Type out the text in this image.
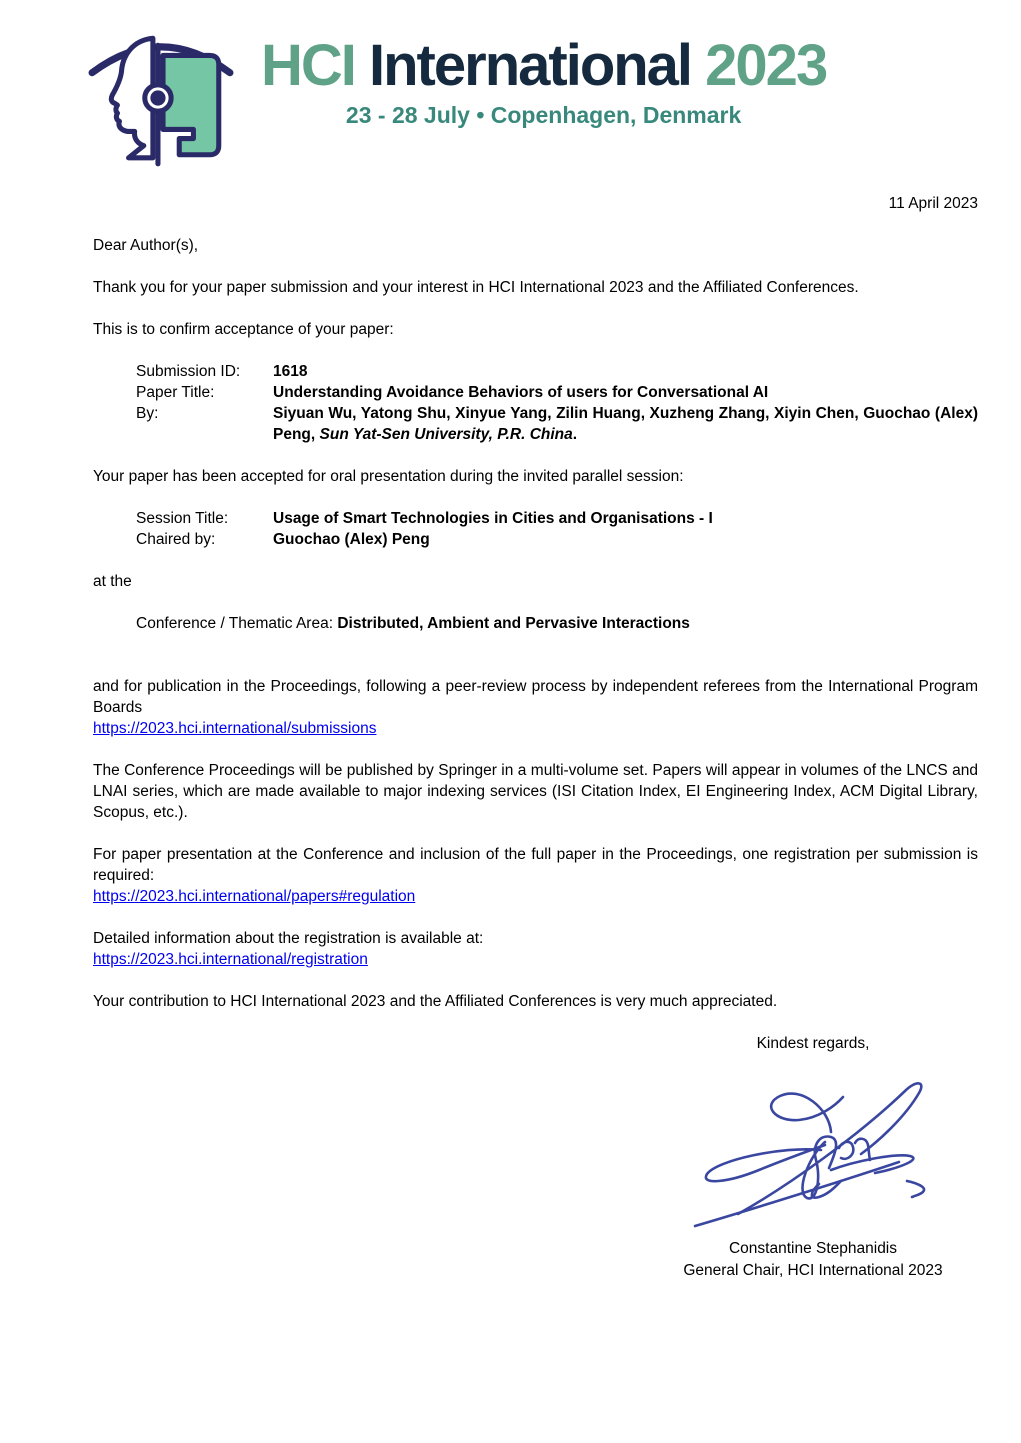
HCI International 2023
23 - 28 July • Copenhagen, Denmark
11 April 2023

Dear Author(s),

Thank you for your paper submission and your interest in HCI International 2023 and the Affiliated Conferences.

This is to confirm acceptance of your paper:

Submission ID:	1618
Paper Title:	Understanding Avoidance Behaviors of users for Conversational AI
By:	Siyuan Wu, Yatong Shu, Xinyue Yang, Zilin Huang, Xuzheng Zhang, Xiyin Chen, Guochao (Alex) Peng, Sun Yat-Sen University, P.R. China.

Your paper has been accepted for oral presentation during the invited parallel session:

Session Title:	Usage of Smart Technologies in Cities and Organisations - I
Chaired by:	Guochao (Alex) Peng

at the

Conference / Thematic Area: Distributed, Ambient and Pervasive Interactions

and for publication in the Proceedings, following a peer-review process by independent referees from the International Program Boards
https://2023.hci.international/submissions

The Conference Proceedings will be published by Springer in a multi-volume set. Papers will appear in volumes of the LNCS and LNAI series, which are made available to major indexing services (ISI Citation Index, EI Engineering Index, ACM Digital Library, Scopus, etc.).

For paper presentation at the Conference and inclusion of the full paper in the Proceedings, one registration per submission is required:
https://2023.hci.international/papers#regulation

Detailed information about the registration is available at:
https://2023.hci.international/registration

Your contribution to HCI International 2023 and the Affiliated Conferences is very much appreciated.

Kindest regards,
Constantine Stephanidis
General Chair, HCI International 2023
